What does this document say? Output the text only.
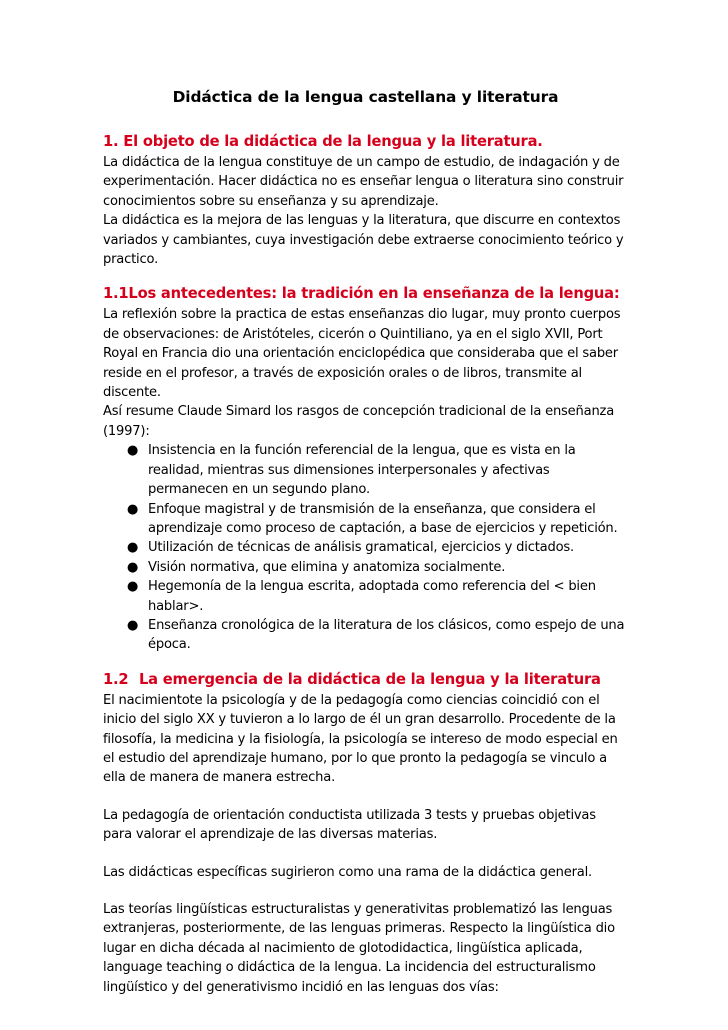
Didáctica de la lengua castellana y literatura
1. El objeto de la didáctica de la lengua y la literatura.

La didáctica de la lengua constituye de un campo de estudio, de indagación y de experimentación. Hacer didáctica no es enseñar lengua o literatura sino construir conocimientos sobre su enseñanza y su aprendizaje.

La didáctica es la mejora de las lenguas y la literatura, que discurre en contextos variados y cambiantes, cuya investigación debe extraerse conocimiento teórico y practico.

1.1Los antecedentes: la tradición en la enseñanza de la lengua:

La reflexión sobre la practica de estas enseñanzas dio lugar, muy pronto cuerpos de observaciones: de Aristóteles, cicerón o Quintiliano, ya en el siglo XVII, Port Royal en Francia dio una orientación enciclopédica que consideraba que el saber reside en el profesor, a través de exposición orales o de libros, transmite al discente.

Así resume Claude Simard los rasgos de concepción tradicional de la enseñanza (1997):

● Insistencia en la función referencial de la lengua, que es vista en la realidad, mientras sus dimensiones interpersonales y afectivas permanecen en un segundo plano.
● Enfoque magistral y de transmisión de la enseñanza, que considera el aprendizaje como proceso de captación, a base de ejercicios y repetición.
● Utilización de técnicas de análisis gramatical, ejercicios y dictados.
● Visión normativa, que elimina y anatomiza socialmente.
● Hegemonía de la lengua escrita, adoptada como referencia del < bien hablar>.
● Enseñanza cronológica de la literatura de los clásicos, como espejo de una época.
1.2 La emergencia de la didáctica de la lengua y la literatura

El nacimientote la psicología y de la pedagogía como ciencias coincidió con el inicio del siglo XX y tuvieron a lo largo de él un gran desarrollo. Procedente de la filosofía, la medicina y la fisiología, la psicología se intereso de modo especial en el estudio del aprendizaje humano, por lo que pronto la pedagogía se vinculo a ella de manera de manera estrecha.

La pedagogía de orientación conductista utilizada 3 tests y pruebas objetivas para valorar el aprendizaje de las diversas materias.

Las didácticas específicas sugirieron como una rama de la didáctica general.

Las teorías lingüísticas estructuralistas y generativitas problematizó las lenguas extranjeras, posteriormente, de las lenguas primeras. Respecto la lingüística dio lugar en dicha década al nacimiento de glotodidactica, lingüística aplicada, language teaching o didáctica de la lengua. La incidencia del estructuralismo lingüístico y del generativismo incidió en las lenguas dos vías:
